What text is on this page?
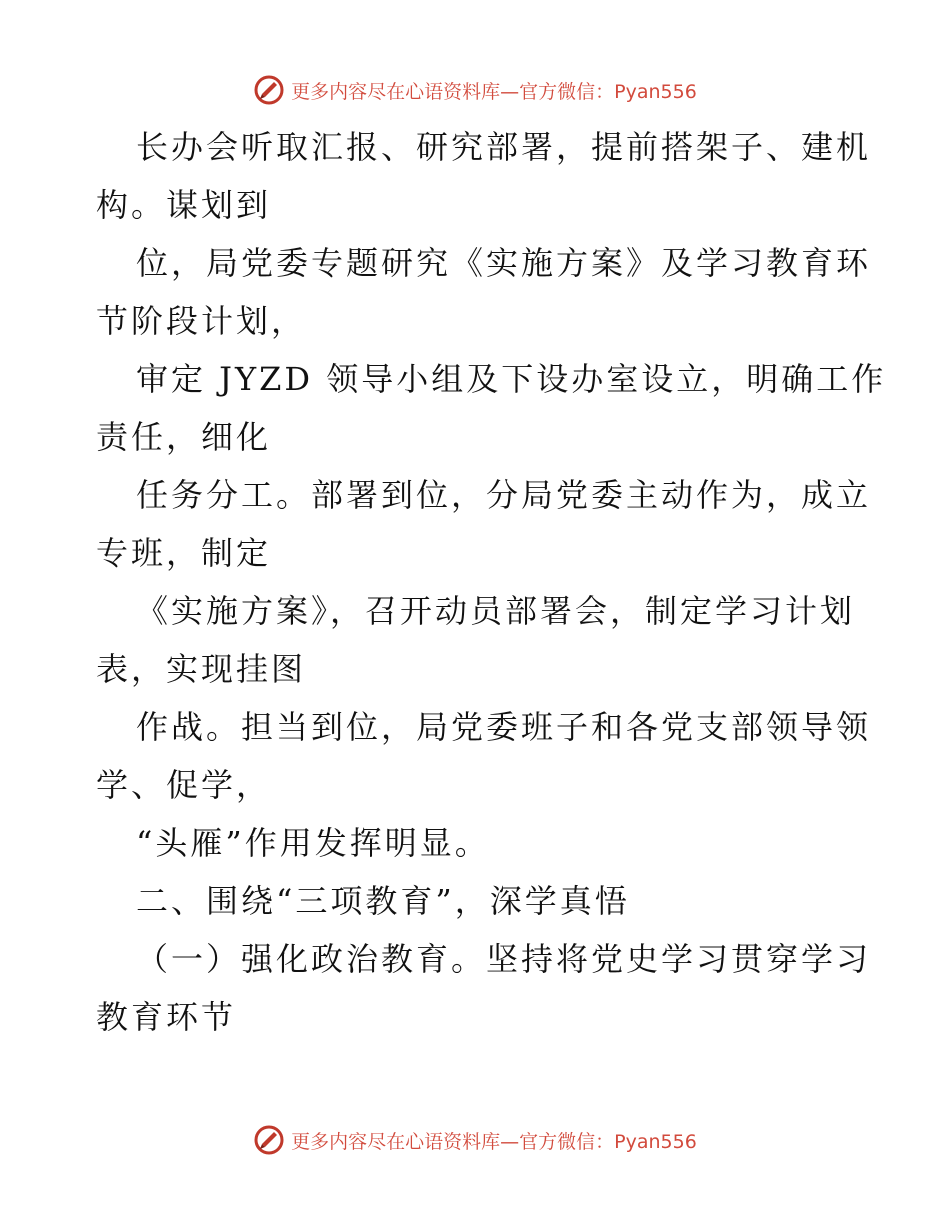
更多内容尽在心语资料库—官方微信：Pyan556

长办会听取汇报、研究部署，提前搭架子、建机

构。谋划到

位，局党委专题研究《实施方案》及学习教育环

节阶段计划，

审定 JYZD 领导小组及下设办室设立，明确工作

责任，细化

任务分工。部署到位，分局党委主动作为，成立

专班，制定

《实施方案》，召开动员部署会，制定学习计划

表，实现挂图

作战。担当到位，局党委班子和各党支部领导领

学、促学，

“头雁”作用发挥明显。

二、围绕“三项教育”，深学真悟

（一）强化政治教育。坚持将党史学习贯穿学习

教育环节

更多内容尽在心语资料库—官方微信：Pyan556
